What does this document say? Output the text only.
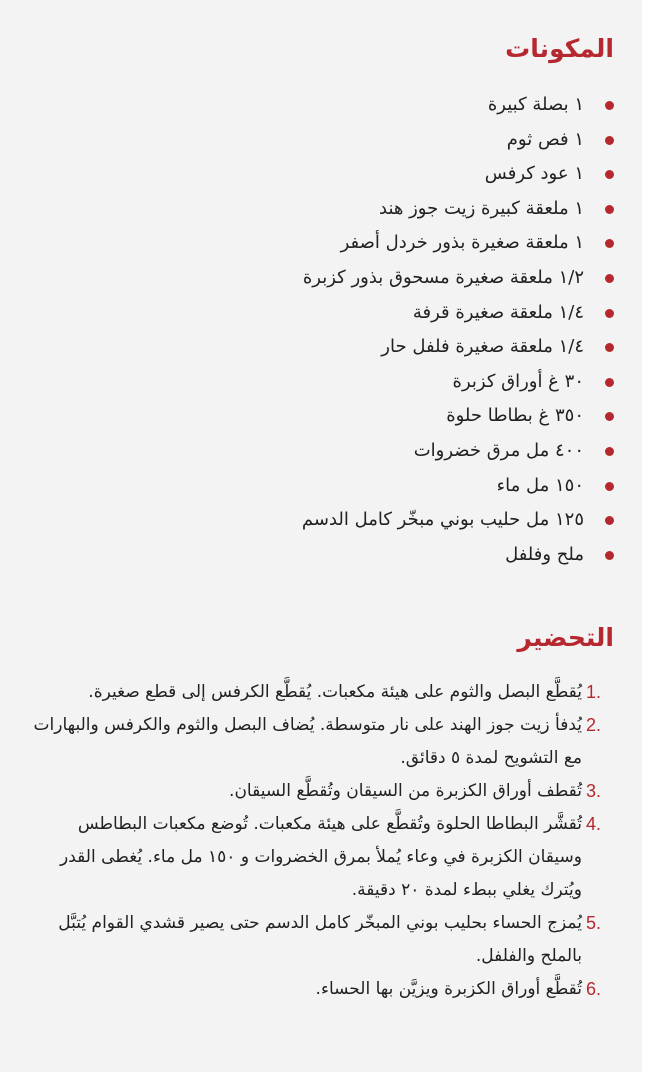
المكونات
١ بصلة كبيرة
١ فص ثوم
١ عود كرفس
١ ملعقة كبيرة زيت جوز هند
١ ملعقة صغيرة بذور خردل أصفر
١/٢ ملعقة صغيرة مسحوق بذور كزبرة
١/٤ ملعقة صغيرة قرفة
١/٤ ملعقة صغيرة فلفل حار
٣٠ غ أوراق كزبرة
٣٥٠ غ بطاطا حلوة
٤٠٠ مل مرق خضروات
١٥٠ مل ماء
١٢٥ مل حليب بوني مبخّر كامل الدسم
ملح وفلفل
التحضير
1.
يُقطَّع البصل والثوم على هيئة مكعبات. يُقطَّع الكرفس إلى قطع صغيرة.
2.
يُدفأ زيت جوز الهند على نار متوسطة. يُضاف البصل والثوم والكرفس والبهارات مع التشويح لمدة ٥ دقائق.
3.
تُقطف أوراق الكزبرة من السيقان وتُقطَّع السيقان.
4.
تُقشَّر البطاطا الحلوة وتُقطَّع على هيئة مكعبات. تُوضع مكعبات البطاطس وسيقان الكزبرة في وعاء يُملأ بمرق الخضروات و ١٥٠ مل ماء. يُغطى القدر ويُترك يغلي ببطء لمدة ٢٠ دقيقة.
5.
يُمزج الحساء بحليب بوني المبخّر كامل الدسم حتى يصير قشدي القوام يُتبَّل بالملح والفلفل.
6.
تُقطَّع أوراق الكزبرة ويزيَّن بها الحساء.
